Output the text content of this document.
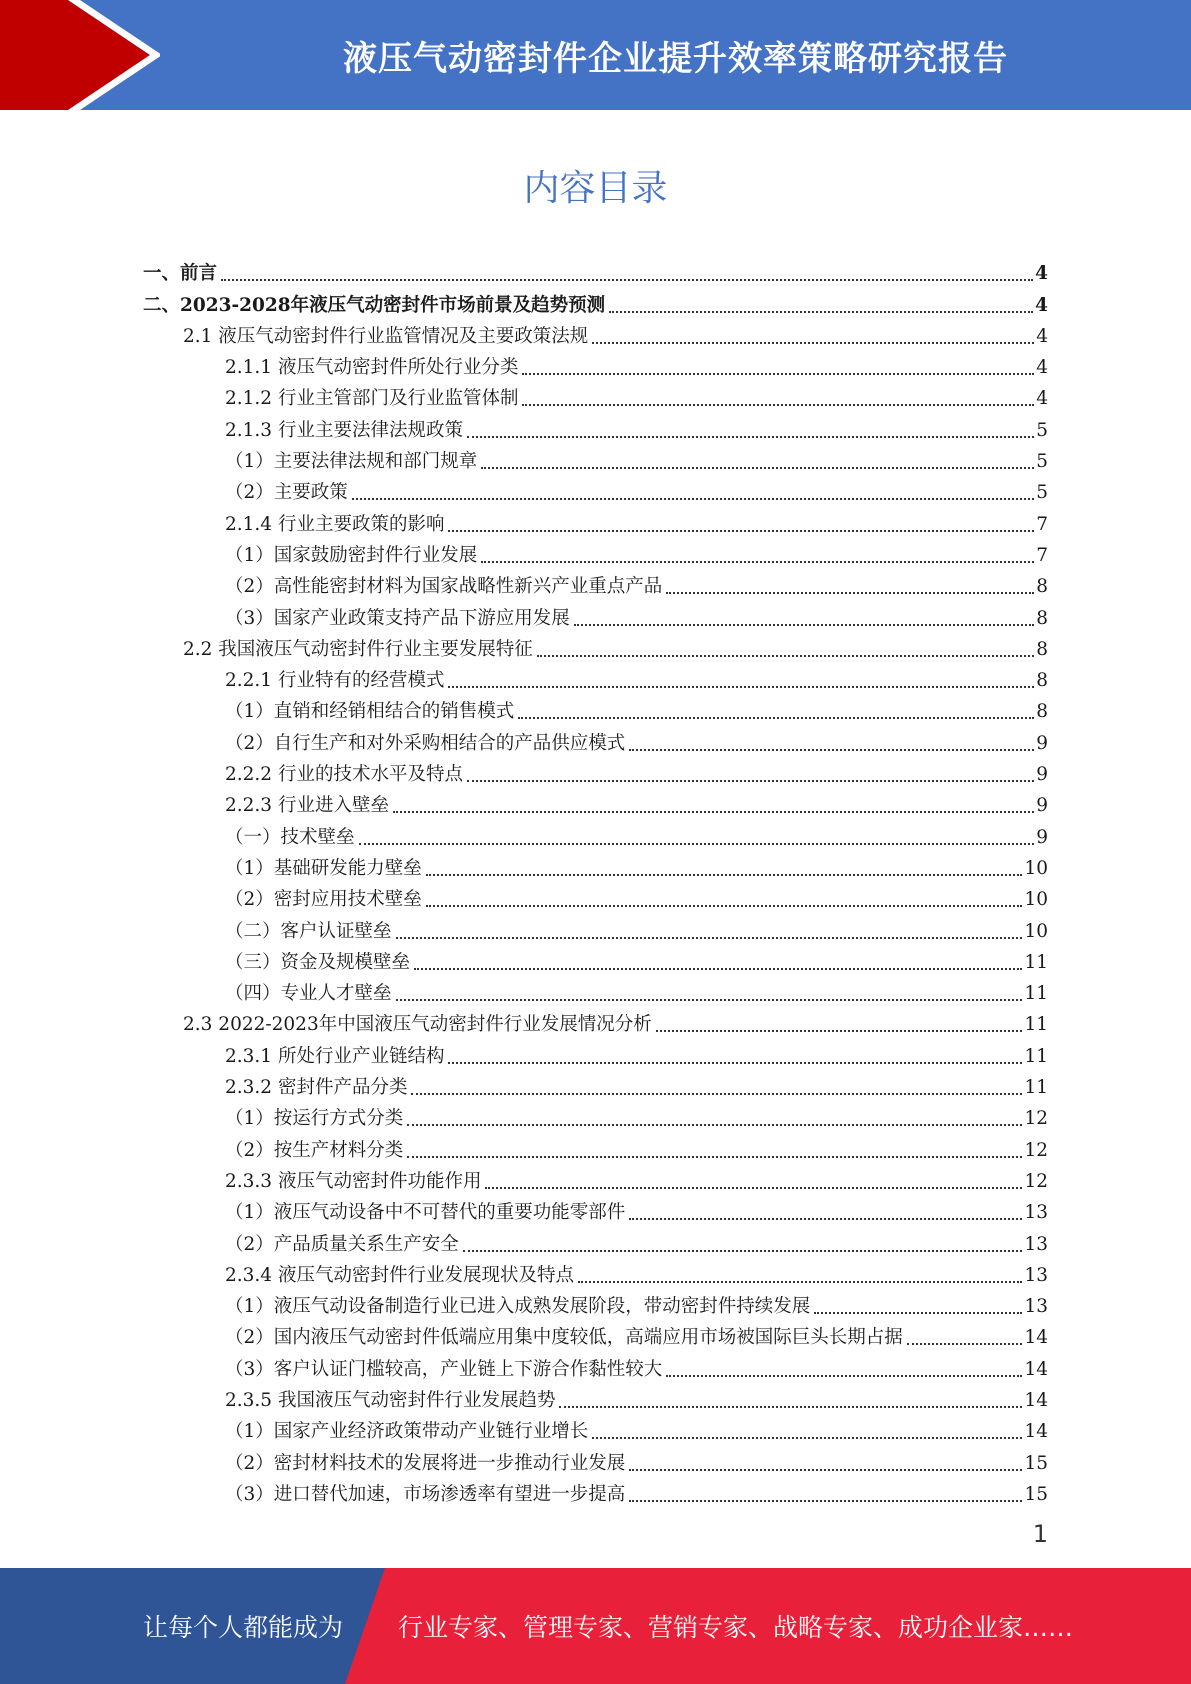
液压气动密封件企业提升效率策略研究报告
内容目录
一、前言	4
二、2023-2028年液压气动密封件市场前景及趋势预测	4
2.1 液压气动密封件行业监管情况及主要政策法规	4
2.1.1 液压气动密封件所处行业分类	4
2.1.2 行业主管部门及行业监管体制	4
2.1.3 行业主要法律法规政策	5
（1）主要法律法规和部门规章	5
（2）主要政策	5
2.1.4 行业主要政策的影响	7
（1）国家鼓励密封件行业发展	7
（2）高性能密封材料为国家战略性新兴产业重点产品	8
（3）国家产业政策支持产品下游应用发展	8
2.2 我国液压气动密封件行业主要发展特征	8
2.2.1 行业特有的经营模式	8
（1）直销和经销相结合的销售模式	8
（2）自行生产和对外采购相结合的产品供应模式	9
2.2.2 行业的技术水平及特点	9
2.2.3 行业进入壁垒	9
（一）技术壁垒	9
（1）基础研发能力壁垒	10
（2）密封应用技术壁垒	10
（二）客户认证壁垒	10
（三）资金及规模壁垒	11
（四）专业人才壁垒	11
2.3 2022-2023年中国液压气动密封件行业发展情况分析	11
2.3.1 所处行业产业链结构	11
2.3.2 密封件产品分类	11
（1）按运行方式分类	12
（2）按生产材料分类	12
2.3.3 液压气动密封件功能作用	12
（1）液压气动设备中不可替代的重要功能零部件	13
（2）产品质量关系生产安全	13
2.3.4 液压气动密封件行业发展现状及特点	13
（1）液压气动设备制造行业已进入成熟发展阶段，带动密封件持续发展	13
（2）国内液压气动密封件低端应用集中度较低，高端应用市场被国际巨头长期占据	14
（3）客户认证门槛较高，产业链上下游合作黏性较大	14
2.3.5 我国液压气动密封件行业发展趋势	14
（1）国家产业经济政策带动产业链行业增长	14
（2）密封材料技术的发展将进一步推动行业发展	15
（3）进口替代加速，市场渗透率有望进一步提高	15
1
让每个人都能成为 行业专家、管理专家、营销专家、战略专家、成功企业家……
